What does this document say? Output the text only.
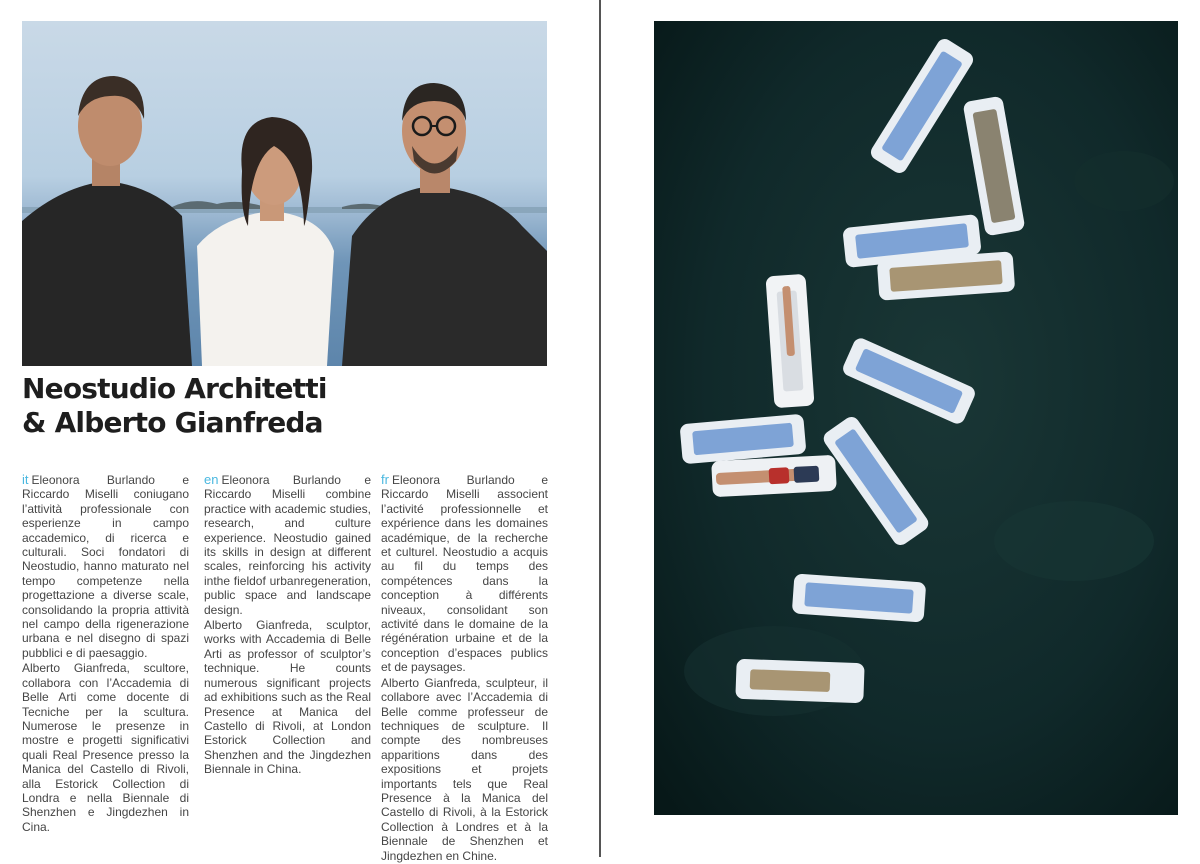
Neostudio Architetti
& Alberto Gianfreda

it Eleonora Burlando e Riccardo Miselli coniugano l’attività professionale con esperienze in campo accademico, di ricerca e culturali. Soci fondatori di Neostudio, hanno maturato nel tempo competenze nella progettazione a diverse scale, consolidando la propria attività nel campo della rigenerazione urbana e nel disegno di spazi pubblici e di paesaggio.

Alberto Gianfreda, scultore, collabora con l’Accademia di Belle Arti come docente di Tecniche per la scultura. Numerose le presenze in mostre e progetti significativi quali Real Presence presso la Manica del Castello di Rivoli, alla Estorick Collection di Londra e nella Biennale di Shenzhen e Jingdezhen in Cina.

en Eleonora Burlando e Riccardo Miselli combine practice with academic studies, research, and culture experience. Neostudio gained its skills in design at different scales, reinforcing his activity inthe fieldof urbanregeneration, public space and landscape design.

Alberto Gianfreda, sculptor, works with Accademia di Belle Arti as professor of sculptor’s technique. He counts numerous significant projects ad exhibitions such as the Real Presence at Manica del Castello di Rivoli, at London Estorick Collection and Shenzhen and the Jingdezhen Biennale in China.

fr Eleonora Burlando e Riccardo Miselli associent l’activité professionnelle et expérience dans les domaines académique, de la recherche et culturel. Neostudio a acquis au fil du temps des compétences dans la conception à différents niveaux, consolidant son activité dans le domaine de la régénération urbaine et de la conception d’espaces publics et de paysages.

Alberto Gianfreda, sculpteur, il collabore avec l’Accademia di Belle comme professeur de techniques de sculpture. Il compte des nombreuses apparitions dans des expositions et projets importants tels que Real Presence à la Manica del Castello di Rivoli, à la Estorick Collection à Londres et à la Biennale de Shenzhen et Jingdezhen en Chine.
